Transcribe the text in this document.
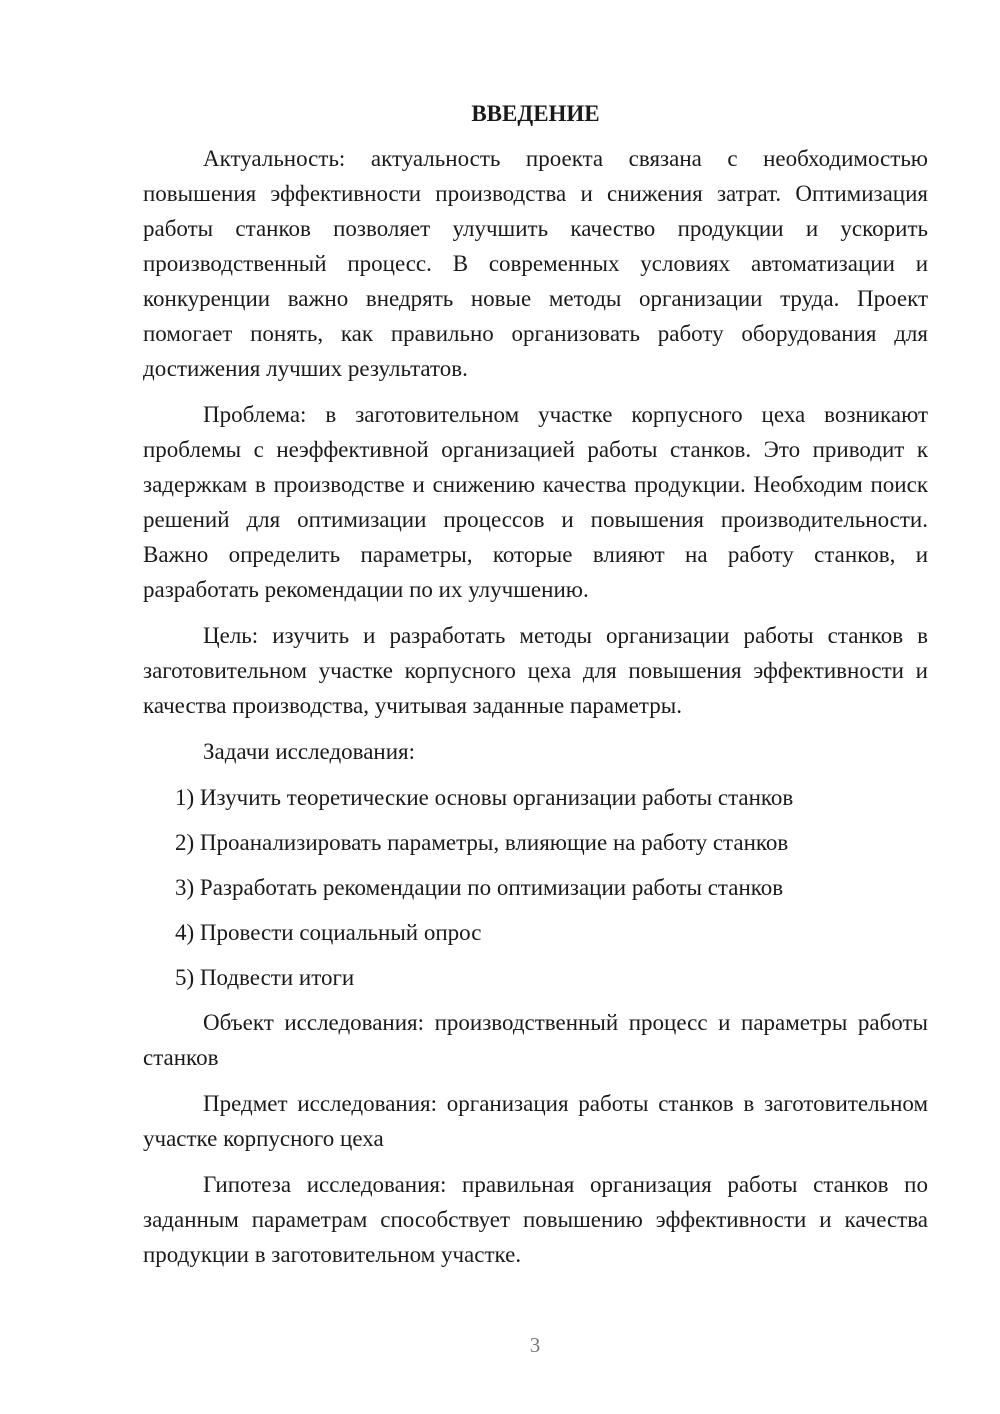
ВВЕДЕНИЕ

Актуальность: актуальность проекта связана с необходимостью повышения эффективности производства и снижения затрат. Оптимизация работы станков позволяет улучшить качество продукции и ускорить производственный процесс. В современных условиях автоматизации и конкуренции важно внедрять новые методы организации труда. Проект помогает понять, как правильно организовать работу оборудования для достижения лучших результатов.

Проблема: в заготовительном участке корпусного цеха возникают проблемы с неэффективной организацией работы станков. Это приводит к задержкам в производстве и снижению качества продукции. Необходим поиск решений для оптимизации процессов и повышения производительности. Важно определить параметры, которые влияют на работу станков, и разработать рекомендации по их улучшению.

Цель: изучить и разработать методы организации работы станков в заготовительном участке корпусного цеха для повышения эффективности и качества производства, учитывая заданные параметры.

Задачи исследования:

1) Изучить теоретические основы организации работы станков
2) Проанализировать параметры, влияющие на работу станков
3) Разработать рекомендации по оптимизации работы станков
4) Провести социальный опрос
5) Подвести итоги

Объект исследования: производственный процесс и параметры работы станков

Предмет исследования: организация работы станков в заготовительном участке корпусного цеха

Гипотеза исследования: правильная организация работы станков по заданным параметрам способствует повышению эффективности и качества продукции в заготовительном участке.

3
